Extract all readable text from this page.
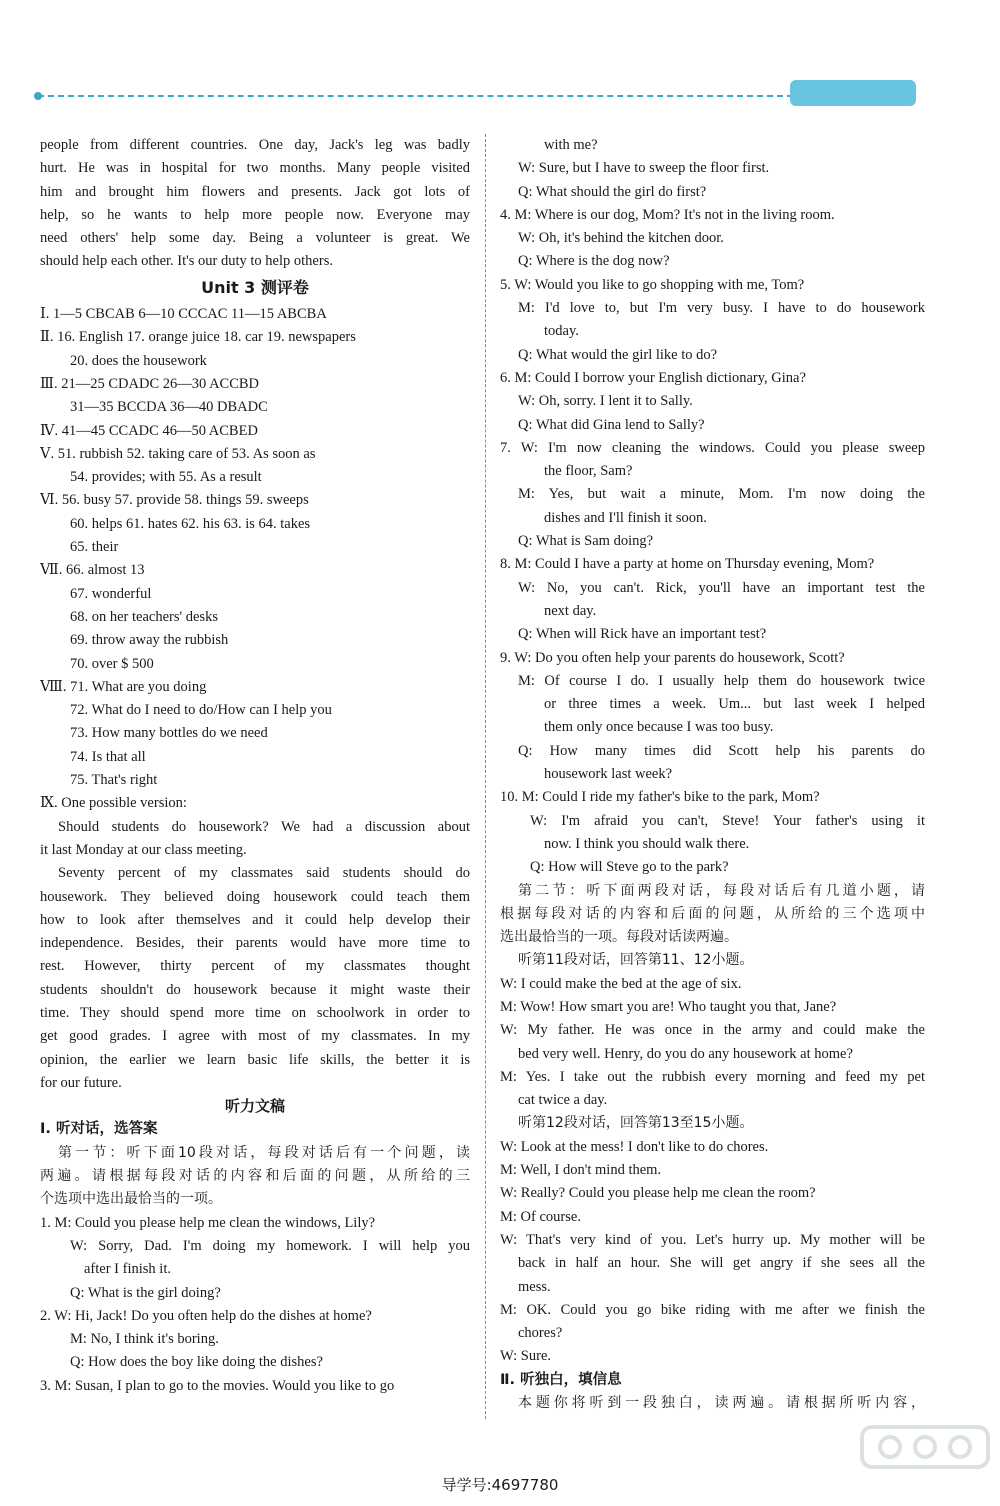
people from different countries. One day, Jack's leg was badly
hurt. He was in hospital for two months. Many people visited
him and brought him flowers and presents. Jack got lots of
help, so he wants to help more people now. Everyone may
need others' help some day. Being a volunteer is great. We
should help each other. It's our duty to help others.
Unit 3 测评卷
Ⅰ. 1—5 CBCAB 6—10 CCCAC 11—15 ABCBA
Ⅱ. 16. English 17. orange juice 18. car 19. newspapers
20. does the housework
Ⅲ. 21—25 CDADC 26—30 ACCBD
31—35 BCCDA 36—40 DBADC
Ⅳ. 41—45 CCADC 46—50 ACBED
Ⅴ. 51. rubbish 52. taking care of 53. As soon as
54. provides; with 55. As a result
Ⅵ. 56. busy 57. provide 58. things 59. sweeps
60. helps 61. hates 62. his 63. is 64. takes
65. their
Ⅶ. 66. almost 13
67. wonderful
68. on her teachers' desks
69. throw away the rubbish
70. over $ 500
Ⅷ. 71. What are you doing
72. What do I need to do/How can I help you
73. How many bottles do we need
74. Is that all
75. That's right
Ⅸ. One possible version:
Should students do housework? We had a discussion about
it last Monday at our class meeting.
Seventy percent of my classmates said students should do
housework. They believed doing housework could teach them
how to look after themselves and it could help develop their
independence. Besides, their parents would have more time to
rest. However, thirty percent of my classmates thought
students shouldn't do housework because it might waste their
time. They should spend more time on schoolwork in order to
get good grades. I agree with most of my classmates. In my
opinion, the earlier we learn basic life skills, the better it is
for our future.
听力文稿
Ⅰ. 听对话，选答案
第一节：听下面10段对话，每段对话后有一个问题，读
两遍。请根据每段对话的内容和后面的问题，从所给的三
个选项中选出最恰当的一项。
1. M: Could you please help me clean the windows, Lily?
W: Sorry, Dad. I'm doing my homework. I will help you
after I finish it.
Q: What is the girl doing?
2. W: Hi, Jack! Do you often help do the dishes at home?
M: No, I think it's boring.
Q: How does the boy like doing the dishes?
3. M: Susan, I plan to go to the movies. Would you like to go
with me?
W: Sure, but I have to sweep the floor first.
Q: What should the girl do first?
4. M: Where is our dog, Mom? It's not in the living room.
W: Oh, it's behind the kitchen door.
Q: Where is the dog now?
5. W: Would you like to go shopping with me, Tom?
M: I'd love to, but I'm very busy. I have to do housework
today.
Q: What would the girl like to do?
6. M: Could I borrow your English dictionary, Gina?
W: Oh, sorry. I lent it to Sally.
Q: What did Gina lend to Sally?
7. W: I'm now cleaning the windows. Could you please sweep
the floor, Sam?
M: Yes, but wait a minute, Mom. I'm now doing the
dishes and I'll finish it soon.
Q: What is Sam doing?
8. M: Could I have a party at home on Thursday evening, Mom?
W: No, you can't. Rick, you'll have an important test the
next day.
Q: When will Rick have an important test?
9. W: Do you often help your parents do housework, Scott?
M: Of course I do. I usually help them do housework twice
or three times a week. Um... but last week I helped
them only once because I was too busy.
Q: How many times did Scott help his parents do
housework last week?
10. M: Could I ride my father's bike to the park, Mom?
W: I'm afraid you can't, Steve! Your father's using it
now. I think you should walk there.
Q: How will Steve go to the park?
第二节：听下面两段对话，每段对话后有几道小题，请
根据每段对话的内容和后面的问题，从所给的三个选项中
选出最恰当的一项。每段对话读两遍。
听第11段对话，回答第11、12小题。
W: I could make the bed at the age of six.
M: Wow! How smart you are! Who taught you that, Jane?
W: My father. He was once in the army and could make the
bed very well. Henry, do you do any housework at home?
M: Yes. I take out the rubbish every morning and feed my pet
cat twice a day.
听第12段对话，回答第13至15小题。
W: Look at the mess! I don't like to do chores.
M: Well, I don't mind them.
W: Really? Could you please help me clean the room?
M: Of course.
W: That's very kind of you. Let's hurry up. My mother will be
back in half an hour. She will get angry if she sees all the
mess.
M: OK. Could you go bike riding with me after we finish the
chores?
W: Sure.
Ⅱ. 听独白，填信息
本题你将听到一段独白，读两遍。请根据所听内容，
导学号:4697780
